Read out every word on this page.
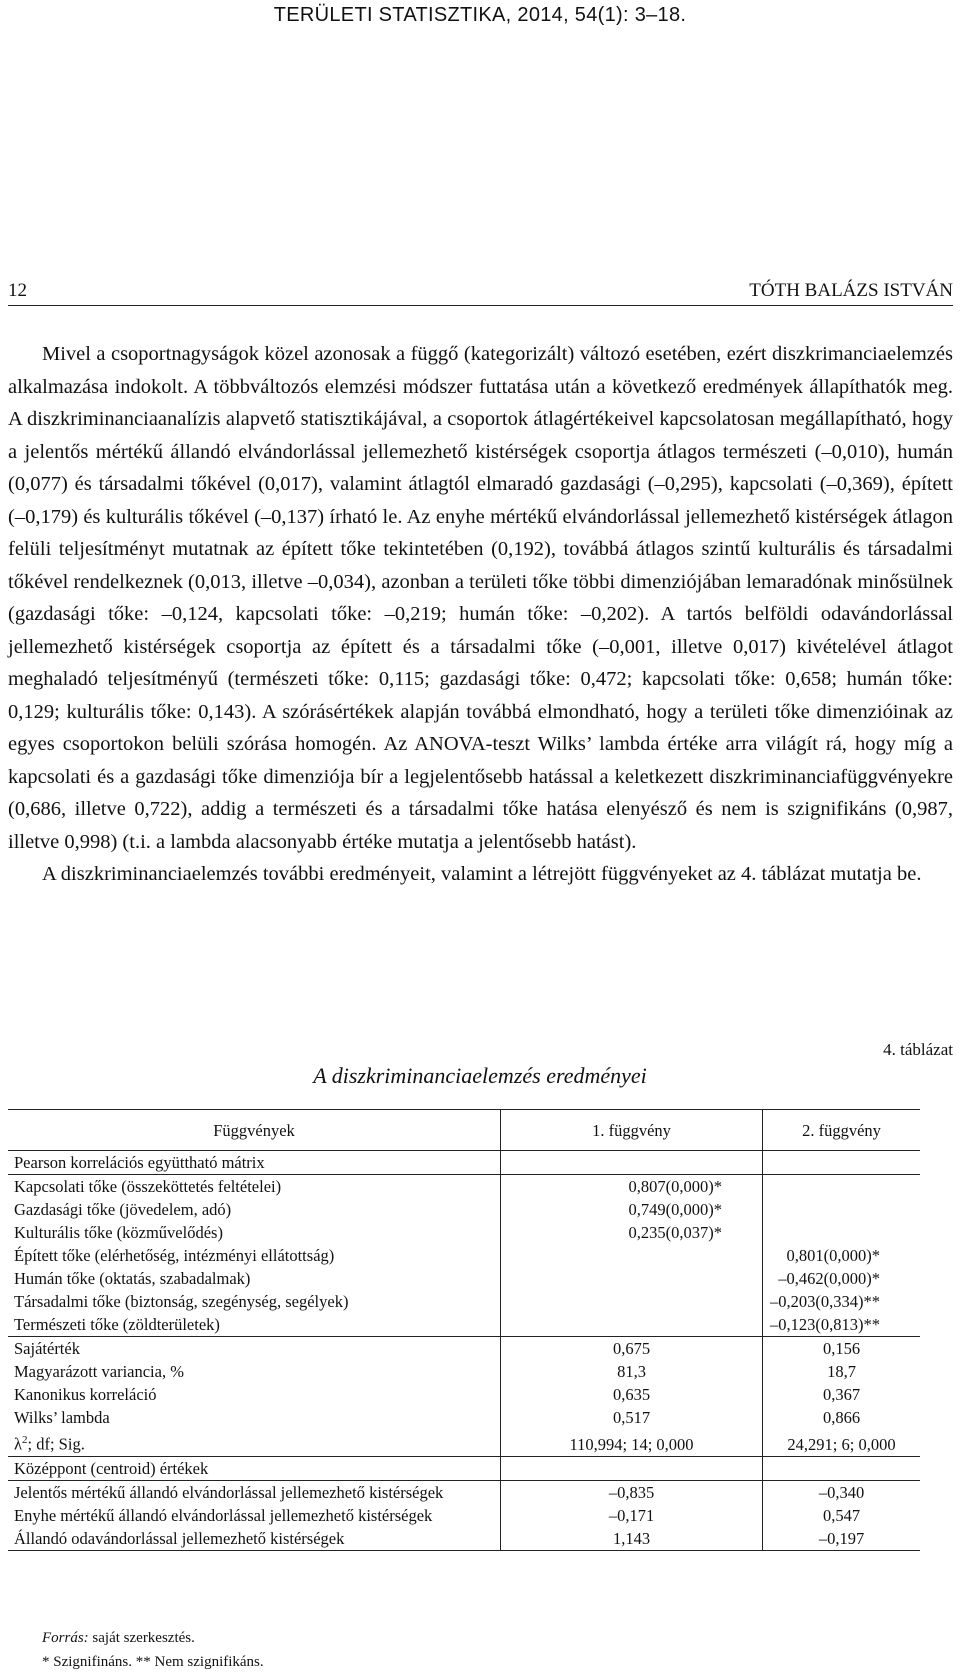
TERÜLETI STATISZTIKA, 2014, 54(1): 3–18.
12	TÓTH BALÁZS ISTVÁN

Mivel a csoportnagyságok közel azonosak a függő (kategorizált) változó esetében, ezért diszkrimanciaelemzés alkalmazása indokolt. A többváltozós elemzési módszer futtatása után a következő eredmények állapíthatók meg. A diszkriminanciaanalízis alapvető statisztikájával, a csoportok átlagértékeivel kapcsolatosan megállapítható, hogy a jelentős mértékű állandó elvándorlással jellemezhető kistérségek csoportja átlagos természeti (–0,010), humán (0,077) és társadalmi tőkével (0,017), valamint átlagtól elmaradó gazdasági (–0,295), kapcsolati (–0,369), épített (–0,179) és kulturális tőkével (–0,137) írható le. Az enyhe mértékű elvándorlással jellemezhető kistérségek átlagon felüli teljesítményt mutatnak az épített tőke tekintetében (0,192), továbbá átlagos szintű kulturális és társadalmi tőkével rendelkeznek (0,013, illetve –0,034), azonban a területi tőke többi dimenziójában lemaradónak minősülnek (gazdasági tőke: –0,124, kapcsolati tőke: –0,219; humán tőke: –0,202). A tartós belföldi odavándorlással jellemezhető kistérségek csoportja az épített és a társadalmi tőke (–0,001, illetve 0,017) kivételével átlagot meghaladó teljesítményű (természeti tőke: 0,115; gazdasági tőke: 0,472; kapcsolati tőke: 0,658; humán tőke: 0,129; kulturális tőke: 0,143). A szórásértékek alapján továbbá elmondható, hogy a területi tőke dimenzióinak az egyes csoportokon belüli szórása homogén. Az ANOVA-teszt Wilks’ lambda értéke arra világít rá, hogy míg a kapcsolati és a gazdasági tőke dimenziója bír a legjelentősebb hatással a keletkezett diszkriminanciafüggvényekre (0,686, illetve 0,722), addig a természeti és a társadalmi tőke hatása elenyésző és nem is szignifikáns (0,987, illetve 0,998) (t.i. a lambda alacsonyabb értéke mutatja a jelentősebb hatást).

A diszkriminanciaelemzés további eredményeit, valamint a létrejött függvényeket az 4. táblázat mutatja be.

4. táblázat
A diszkriminanciaelemzés eredményei
Függvények	1. függvény	2. függvény
Pearson korrelációs együttható mátrix		
Kapcsolati tőke (összeköttetés feltételei)	0,807(0,000)*	
Gazdasági tőke (jövedelem, adó)	0,749(0,000)*	
Kulturális tőke (közművelődés)	0,235(0,037)*	
Épített tőke (elérhetőség, intézményi ellátottság)		0,801(0,000)*
Humán tőke (oktatás, szabadalmak)		–0,462(0,000)*
Társadalmi tőke (biztonság, szegénység, segélyek)		–0,203(0,334)**
Természeti tőke (zöldterületek)		–0,123(0,813)**
Sajátérték	0,675	0,156
Magyarázott variancia, %	81,3	18,7
Kanonikus korreláció	0,635	0,367
Wilks’ lambda	0,517	0,866
$\lambda^2$; df; Sig.	110,994; 14; 0,000	24,291; 6; 0,000
Középpont (centroid) értékek		
Jelentős mértékű állandó elvándorlással jellemezhető kistérségek	–0,835	–0,340
Enyhe mértékű állandó elvándorlással jellemezhető kistérségek	–0,171	0,547
Állandó odavándorlással jellemezhető kistérségek	1,143	–0,197
Forrás: saját szerkesztés.
* Szignifináns. ** Nem szignifikáns.
